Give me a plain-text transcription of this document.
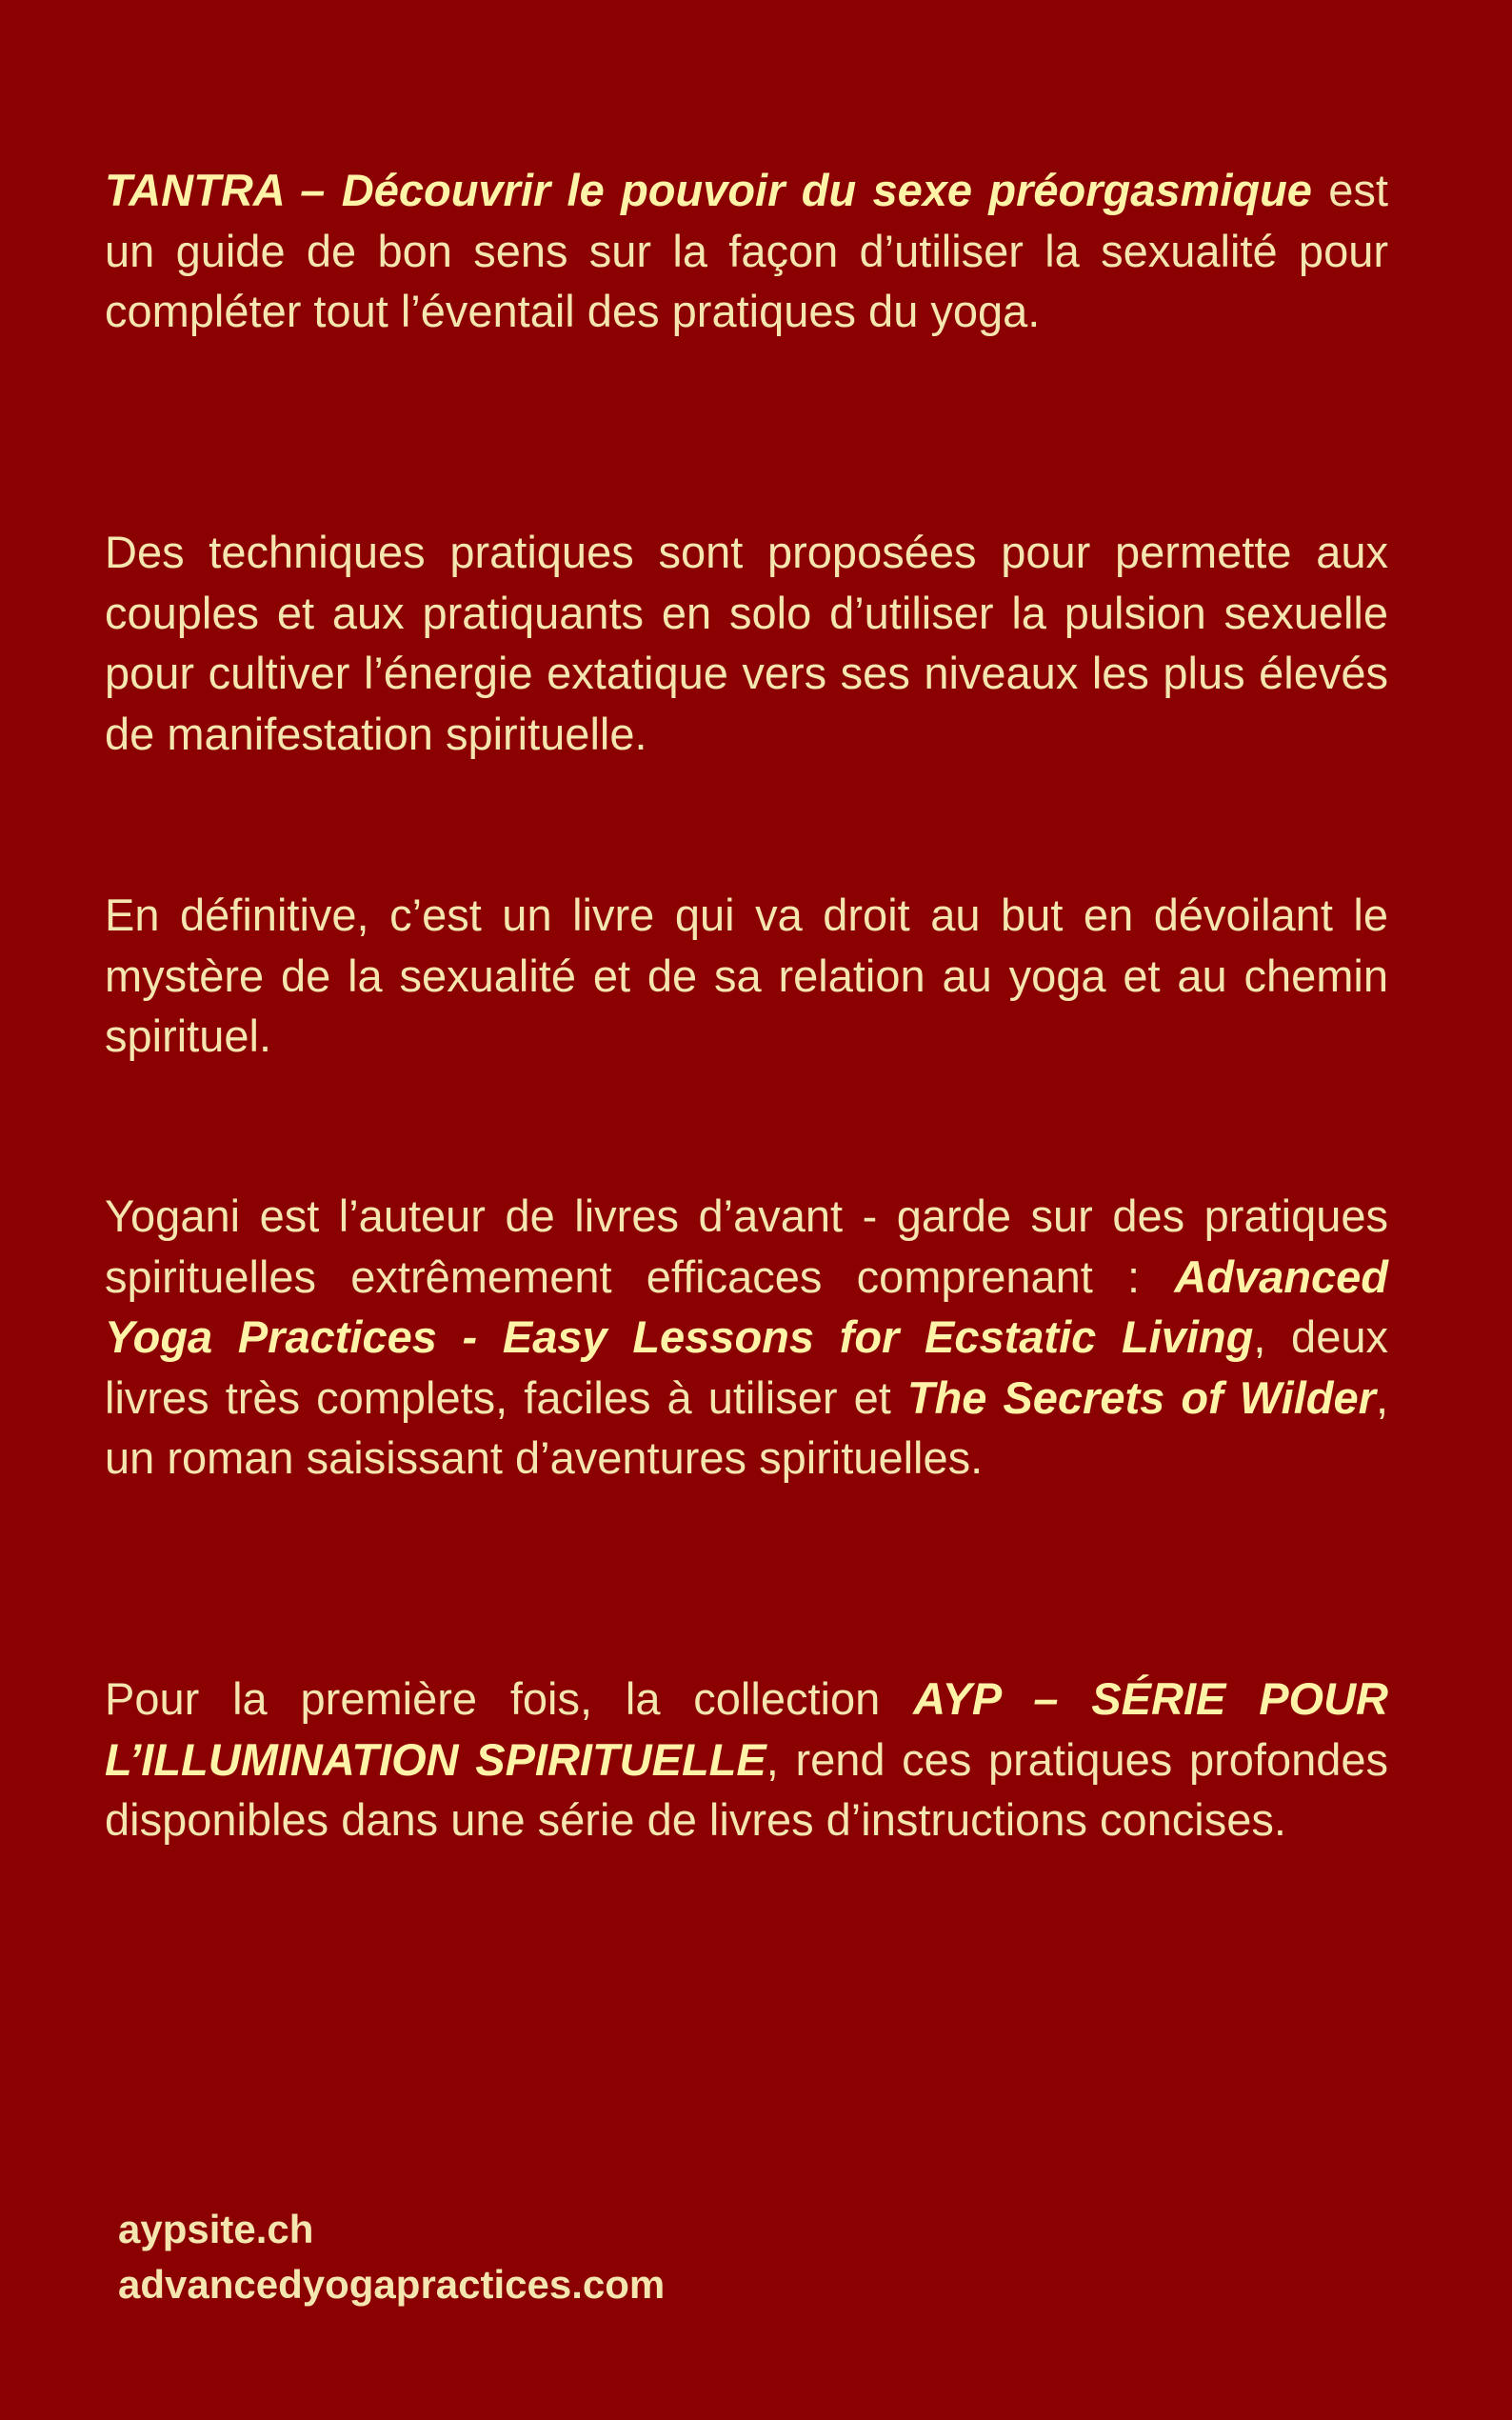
TANTRA – Découvrir le pouvoir du sexe préorgasmique est un guide de bon sens sur la façon d’utiliser la sexualité pour compléter tout l’éventail des pratiques du yoga.

Des techniques pratiques sont proposées pour permette aux couples et aux pratiquants en solo d’utiliser la pulsion sexuelle pour cultiver l’énergie extatique vers ses niveaux les plus élevés de manifestation spirituelle.

En définitive, c’est un livre qui va droit au but en dévoilant le mystère de la sexualité et de sa relation au yoga et au chemin spirituel.

Yogani est l’auteur de livres d’avant - garde sur des pratiques spirituelles extrêmement efficaces comprenant : Advanced Yoga Practices - Easy Lessons for Ecstatic Living, deux livres très complets, faciles à utiliser et The Secrets of Wilder, un roman saisissant d’aventures spirituelles.

Pour la première fois, la collection AYP – SÉRIE POUR L’ILLUMINATION SPIRITUELLE, rend ces pratiques profondes disponibles dans une série de livres d’instructions concises.

aypsite.ch
advancedyogapractices.com
